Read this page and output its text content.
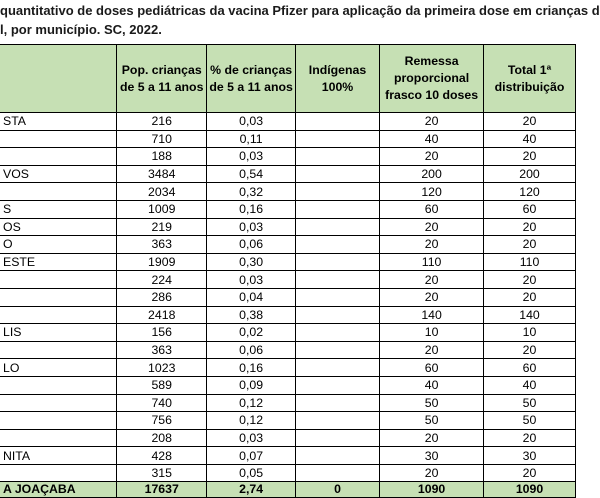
quantitativo de doses pediátricas da vacina Pfizer para aplicação da primeira dose em crianças d
l, por município. SC, 2022.
	Pop. crianças de 5 a 11 anos	% de crianças de 5 a 11 anos	Indígenas 100%	Remessa proporcional frasco 10 doses	Total 1ª distribuição
STA	216	0,03		20	20
	710	0,11		40	40
	188	0,03		20	20
VOS	3484	0,54		200	200
	2034	0,32		120	120
S	1009	0,16		60	60
OS	219	0,03		20	20
O	363	0,06		20	20
ESTE	1909	0,30		110	110
	224	0,03		20	20
	286	0,04		20	20
	2418	0,38		140	140
LIS	156	0,02		10	10
	363	0,06		20	20
LO	1023	0,16		60	60
	589	0,09		40	40
	740	0,12		50	50
	756	0,12		50	50
	208	0,03		20	20
NITA	428	0,07		30	30
	315	0,05		20	20
A JOAÇABA	17637	2,74	0	1090	1090
